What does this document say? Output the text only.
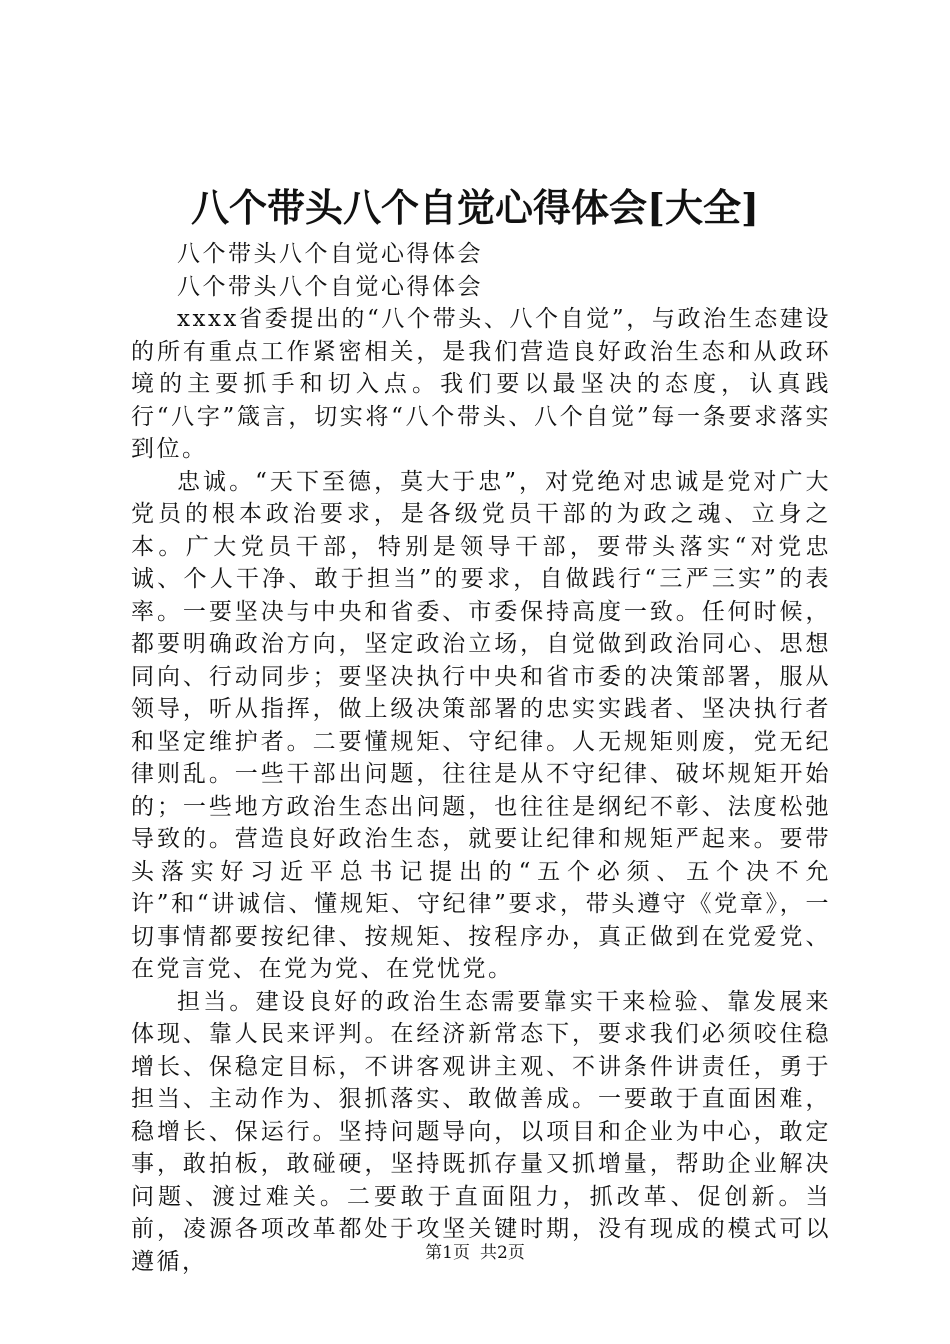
八个带头八个自觉心得体会[大全]

八个带头八个自觉心得体会

八个带头八个自觉心得体会

xxxx省委提出的“八个带头、八个自觉”，与政治生态建设的所有重点工作紧密相关，是我们营造良好政治生态和从政环境的主要抓手和切入点。我们要以最坚决的态度，认真践行“八字”箴言，切实将“八个带头、八个自觉”每一条要求落实到位。

忠诚。“天下至德，莫大于忠”，对党绝对忠诚是党对广大党员的根本政治要求，是各级党员干部的为政之魂、立身之本。广大党员干部，特别是领导干部，要带头落实“对党忠诚、个人干净、敢于担当”的要求，自做践行“三严三实”的表率。一要坚决与中央和省委、市委保持高度一致。任何时候，都要明确政治方向，坚定政治立场，自觉做到政治同心、思想同向、行动同步；要坚决执行中央和省市委的决策部署，服从领导，听从指挥，做上级决策部署的忠实实践者、坚决执行者和坚定维护者。二要懂规矩、守纪律。人无规矩则废，党无纪律则乱。一些干部出问题，往往是从不守纪律、破坏规矩开始的；一些地方政治生态出问题，也往往是纲纪不彰、法度松弛导致的。营造良好政治生态，就要让纪律和规矩严起来。要带头落实好习近平总书记提出的“五个必须、五个决不允许”和“讲诚信、懂规矩、守纪律”要求，带头遵守《党章》，一切事情都要按纪律、按规矩、按程序办，真正做到在党爱党、在党言党、在党为党、在党忧党。

担当。建设良好的政治生态需要靠实干来检验、靠发展来体现、靠人民来评判。在经济新常态下，要求我们必须咬住稳增长、保稳定目标，不讲客观讲主观、不讲条件讲责任，勇于担当、主动作为、狠抓落实、敢做善成。一要敢于直面困难，稳增长、保运行。坚持问题导向，以项目和企业为中心，敢定事，敢拍板，敢碰硬，坚持既抓存量又抓增量，帮助企业解决问题、渡过难关。二要敢于直面阻力，抓改革、促创新。当前，凌源各项改革都处于攻坚关键时期，没有现成的模式可以遵循，	第1页 共2页
